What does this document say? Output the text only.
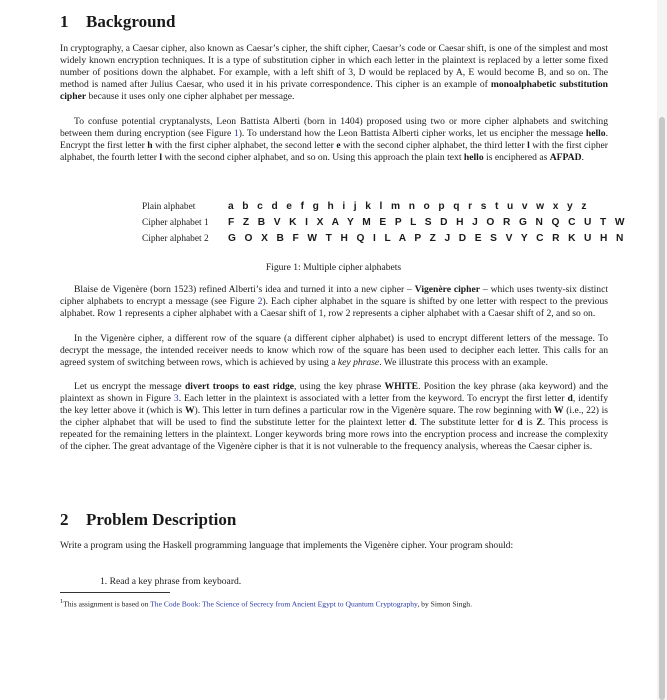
1 Background

In cryptography, a Caesar cipher, also known as Caesar’s cipher, the shift cipher, Caesar’s code or Caesar shift, is one of the simplest and most widely known encryption techniques. It is a type of substitution cipher in which each letter in the plaintext is replaced by a letter some fixed number of positions down the alphabet. For example, with a left shift of 3, D would be replaced by A, E would become B, and so on. The method is named after Julius Caesar, who used it in his private correspondence. This cipher is an example of monoalphabetic substitution cipher because it uses only one cipher alphabet per message.

To confuse potential cryptanalysts, Leon Battista Alberti (born in 1404) proposed using two or more cipher alphabets and switching between them during encryption (see Figure 1). To understand how the Leon Battista Alberti cipher works, let us encipher the message hello. Encrypt the first letter h with the first cipher alphabet, the second letter e with the second cipher alphabet, the third letter l with the first cipher alphabet, the fourth letter l with the second cipher alphabet, and so on. Using this approach the plain text hello is enciphered as AFPAD.

Plain alphabet	a b c d e f g h i j k l m n o p q r s t u v w x y z
Cipher alphabet 1 F Z B V K I X A Y M E P L S D H J O R G N Q C U T W
Cipher alphabet 2 G O X B F W T H Q I L A P Z J D E S V Y C R K U H N

Figure 1: Multiple cipher alphabets

Blaise de Vigenère (born 1523) refined Alberti’s idea and turned it into a new cipher – Vigenère cipher – which uses twenty-six distinct cipher alphabets to encrypt a message (see Figure 2). Each cipher alphabet in the square is shifted by one letter with respect to the previous alphabet. Row 1 represents a cipher alphabet with a Caesar shift of 1, row 2 represents a cipher alphabet with a Caesar shift of 2, and so on.

In the Vigenère cipher, a different row of the square (a different cipher alphabet) is used to encrypt different letters of the message. To decrypt the message, the intended receiver needs to know which row of the square has been used to decipher each letter. This calls for an agreed system of switching between rows, which is achieved by using a key phrase. We illustrate this process with an example.

Let us encrypt the message divert troops to east ridge, using the key phrase WHITE. Position the key phrase (aka keyword) and the plaintext as shown in Figure 3. Each letter in the plaintext is associated with a letter from the keyword. To encrypt the first letter d, identify the key letter above it (which is W). This letter in turn defines a particular row in the Vigenère square. The row beginning with W (i.e., 22) is the cipher alphabet that will be used to find the substitute letter for the plaintext letter d. The substitute letter for d is Z. This process is repeated for the remaining letters in the plaintext. Longer keywords bring more rows into the encryption process and increase the complexity of the cipher. The great advantage of the Vigenère cipher is that it is not vulnerable to the frequency analysis, whereas the Caesar cipher is.

2 Problem Description

Write a program using the Haskell programming language that implements the Vigenère cipher. Your program should:

1. Read a key phrase from keyboard.

$^1$This assignment is based on The Code Book: The Science of Secrecy from Ancient Egypt to Quantum Cryptography, by Simon Singh.
